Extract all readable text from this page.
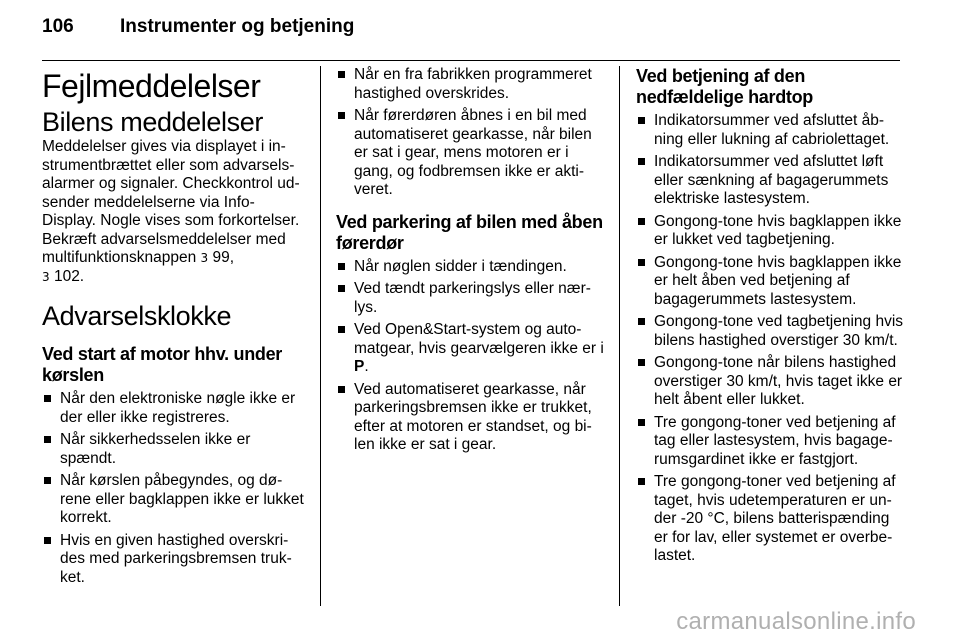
106 Instrumenter og betjening

Fejlmeddelelser

Bilens meddelelser

Meddelelser gives via displayet i instrumentbrættet eller som advarselsalarmer og signaler. Checkkontrol udsender meddelelserne via Info-Display. Nogle vises som forkortelser. Bekræft advarselsmeddelelser med multifunktionsknappen 3 99,
3 102.

Advarselsklokke

Ved start af motor hhv. under kørslen

Når den elektroniske nøgle ikke er der eller ikke registreres.
Når sikkerhedsselen ikke er spændt.
Når kørslen påbegyndes, og dørene eller bagklappen ikke er lukket korrekt.
Hvis en given hastighed overskrides med parkeringsbremsen trukket.
Når en fra fabrikken programmeret hastighed overskrides.
Når førerdøren åbnes i en bil med automatiseret gearkasse, når bilen er sat i gear, mens motoren er i gang, og fodbremsen ikke er aktiveret.

Ved parkering af bilen med åben førerdør

Når nøglen sidder i tændingen.
Ved tændt parkeringslys eller nærlys.
Ved Open&Start-system og automatgear, hvis gearvælgeren ikke er i P.
Ved automatiseret gearkasse, når parkeringsbremsen ikke er trukket, efter at motoren er standset, og bilen ikke er sat i gear.

Ved betjening af den nedfældelige hardtop

Indikatorsummer ved afsluttet åbning eller lukning af cabriolettaget.
Indikatorsummer ved afsluttet løft eller sænkning af bagagerummets elektriske lastesystem.
Gongong-tone hvis bagklappen ikke er lukket ved tagbetjening.
Gongong-tone hvis bagklappen ikke er helt åben ved betjening af bagagerummets lastesystem.
Gongong-tone ved tagbetjening hvis bilens hastighed overstiger 30 km/t.
Gongong-tone når bilens hastighed overstiger 30 km/t, hvis taget ikke er helt åbent eller lukket.
Tre gongong-toner ved betjening af tag eller lastesystem, hvis bagagerumsgardinet ikke er fastgjort.
Tre gongong-toner ved betjening af taget, hvis udetemperaturen er under -20 °C, bilens batterispænding er for lav, eller systemet er overbelastet.
carmanualsonline.info
